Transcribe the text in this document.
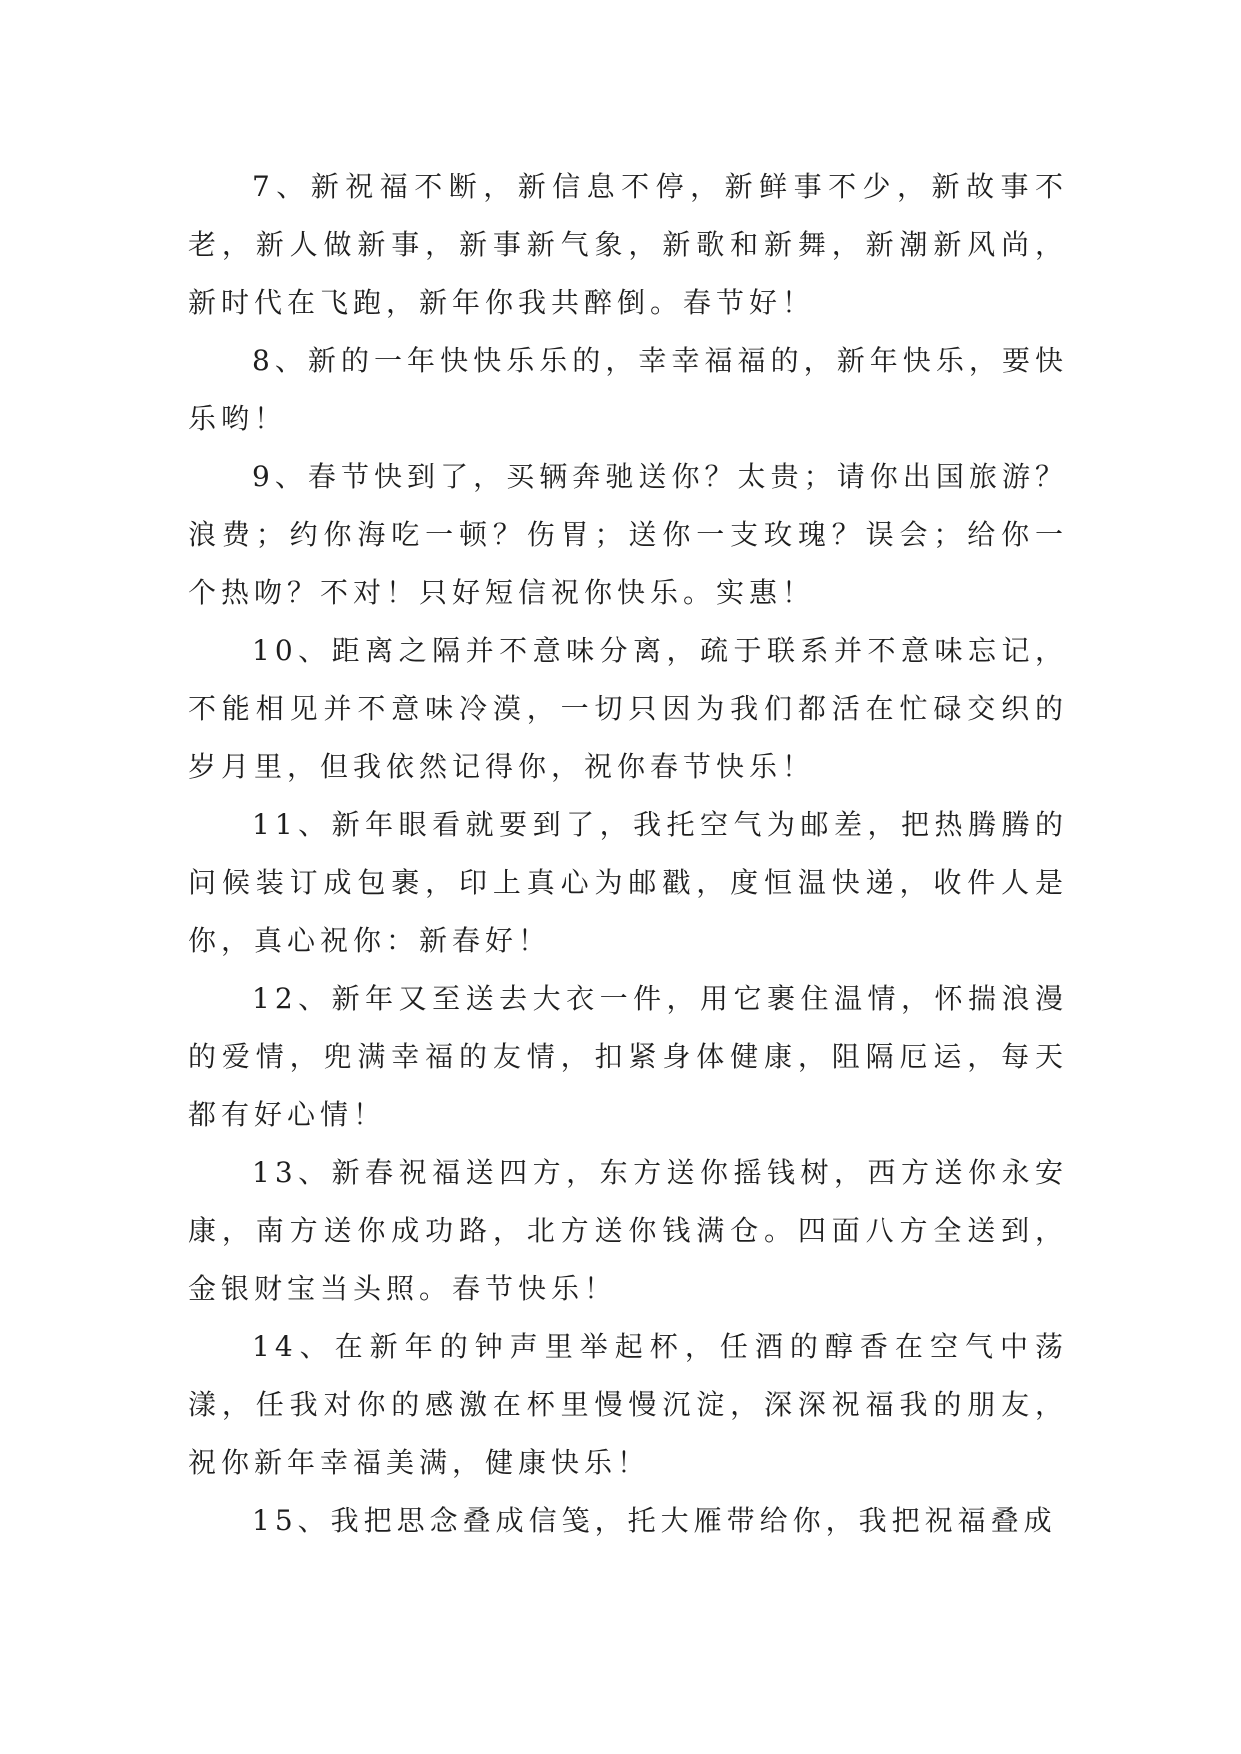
7、新祝福不断，新信息不停，新鲜事不少，新故事不老，新人做新事，新事新气象，新歌和新舞，新潮新风尚，新时代在飞跑，新年你我共醉倒。春节好！

8、新的一年快快乐乐的，幸幸福福的，新年快乐，要快乐哟！

9、春节快到了，买辆奔驰送你？太贵；请你出国旅游？浪费；约你海吃一顿？伤胃；送你一支玫瑰？误会；给你一个热吻？不对！只好短信祝你快乐。实惠！

10、距离之隔并不意味分离，疏于联系并不意味忘记，不能相见并不意味冷漠，一切只因为我们都活在忙碌交织的岁月里，但我依然记得你，祝你春节快乐！

11、新年眼看就要到了，我托空气为邮差，把热腾腾的问候装订成包裹，印上真心为邮戳，度恒温快递，收件人是你，真心祝你：新春好！

12、新年又至送去大衣一件，用它裹住温情，怀揣浪漫的爱情，兜满幸福的友情，扣紧身体健康，阻隔厄运，每天都有好心情！

13、新春祝福送四方，东方送你摇钱树，西方送你永安康，南方送你成功路，北方送你钱满仓。四面八方全送到，金银财宝当头照。春节快乐！

14、在新年的钟声里举起杯，任酒的醇香在空气中荡漾，任我对你的感激在杯里慢慢沉淀，深深祝福我的朋友，祝你新年幸福美满，健康快乐！

15、我把思念叠成信笺，托大雁带给你，我把祝福叠成
